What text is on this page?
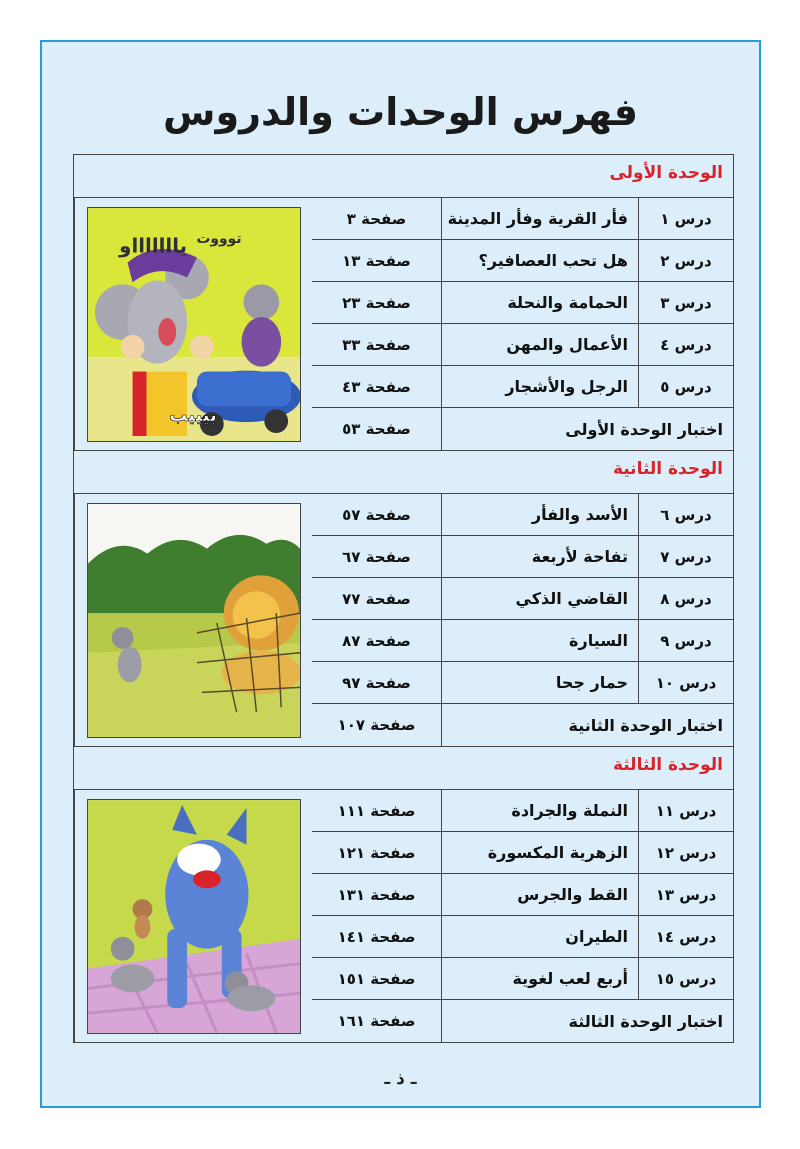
فهرس الوحدات والدروس
الوحدة الأولى
درس ١
فأر القرية وفأر المدينة
صفحة ٣
درس ٢
هل تحب العصافير؟
صفحة ١٣
درس ٣
الحمامة والنحلة
صفحة ٢٣
درس ٤
الأعمال والمهن
صفحة ٣٣
درس ٥
الرجل والأشجار
صفحة ٤٣
اختبار الوحدة الأولى
صفحة ٥٣
ياااااااو توووت
بيييب
الوحدة الثانية
درس ٦
الأسد والفأر
صفحة ٥٧
درس ٧
تفاحة لأربعة
صفحة ٦٧
درس ٨
القاضي الذكي
صفحة ٧٧
درس ٩
السيارة
صفحة ٨٧
درس ١٠
حمار جحا
صفحة ٩٧
اختبار الوحدة الثانية
صفحة ١٠٧
الوحدة الثالثة
درس ١١
النملة والجرادة
صفحة ١١١
درس ١٢
الزهرية المكسورة
صفحة ١٢١
درس ١٣
القط والجرس
صفحة ١٣١
درس ١٤
الطيران
صفحة ١٤١
درس ١٥
أربع لعب لغوية
صفحة ١٥١
اختبار الوحدة الثالثة
صفحة ١٦١
ـ ذ ـ
